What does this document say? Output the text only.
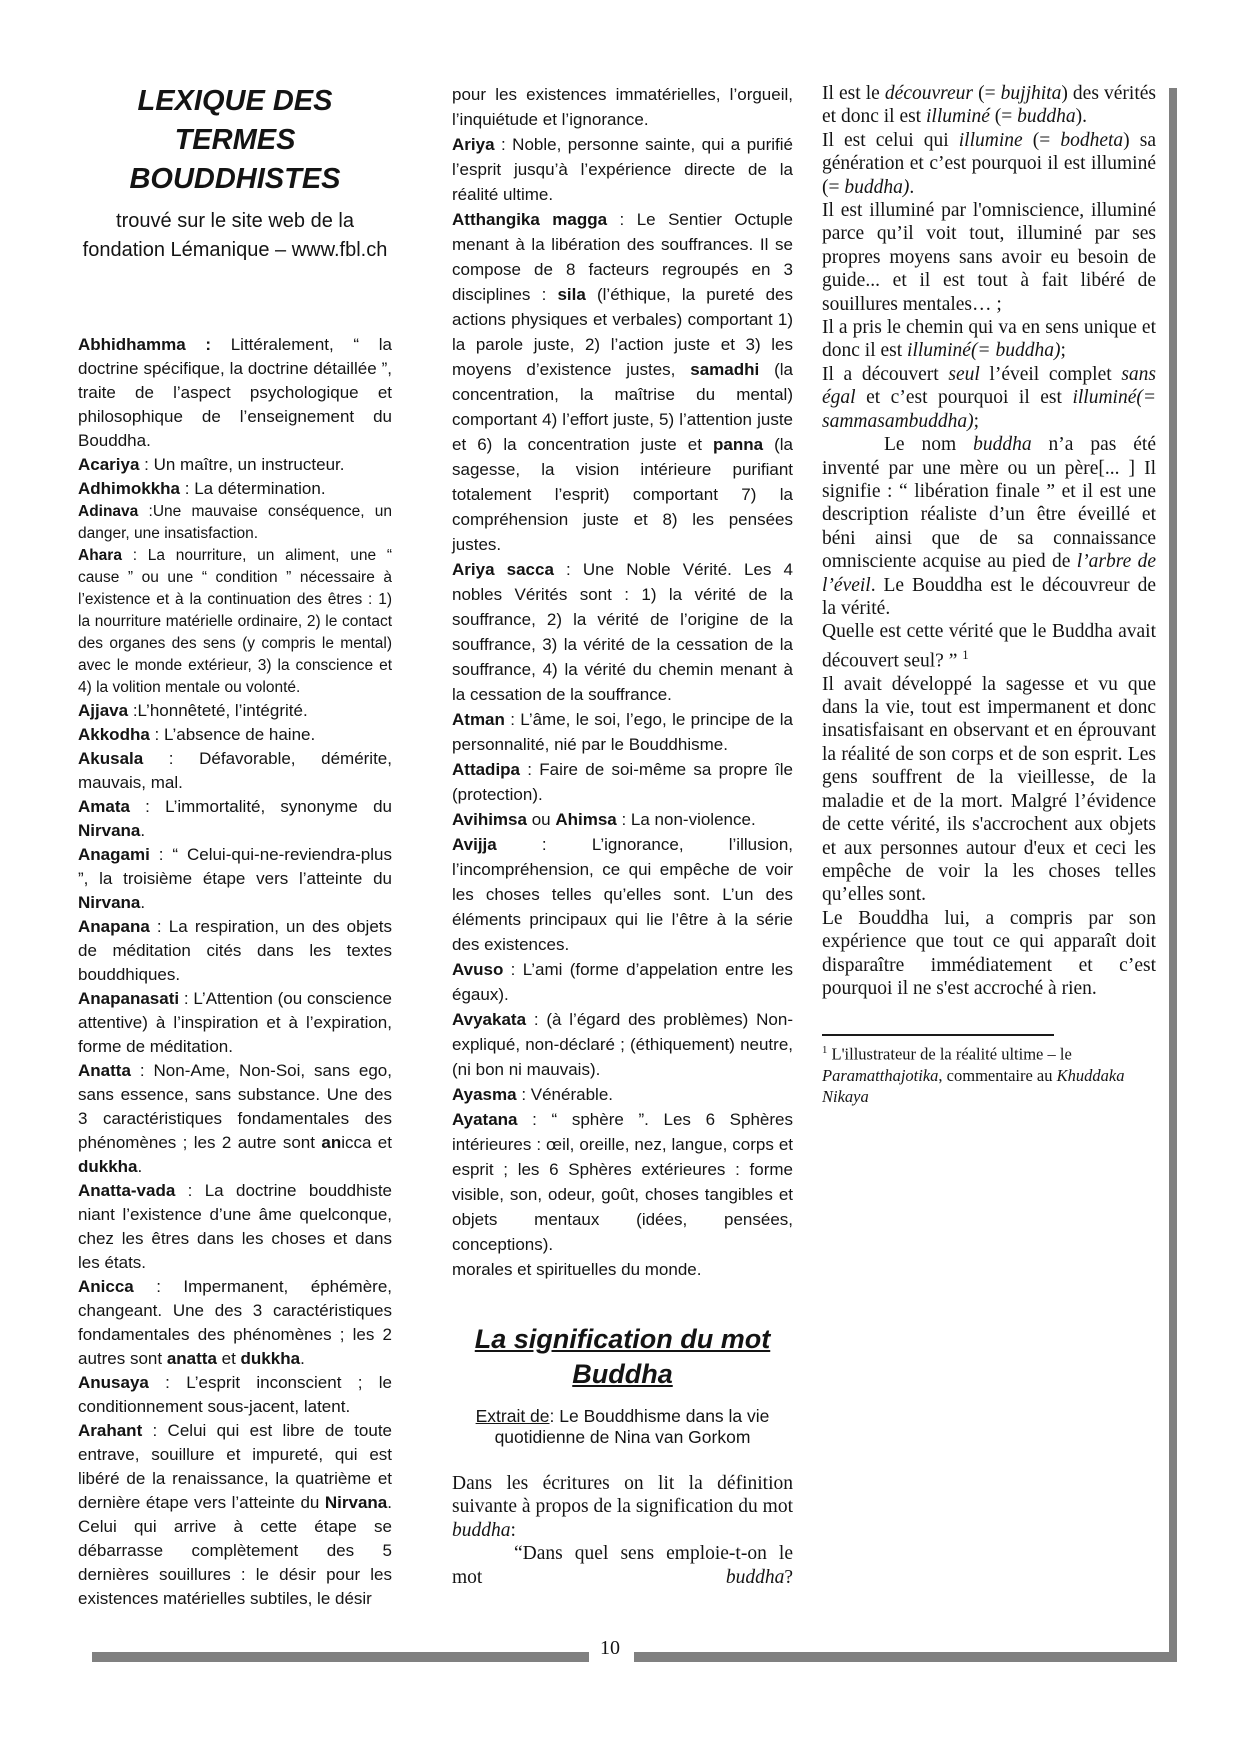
LEXIQUE DES TERMES BOUDDHISTES
trouvé sur le site web de la fondation Lémanique – www.fbl.ch

Abhidhamma : Littéralement, “ la doctrine spécifique, la doctrine détaillée ”, traite de l’aspect psychologique et philosophique de l’enseignement du Bouddha.

Acariya : Un maître, un instructeur.

Adhimokkha : La détermination.

Adinava :Une mauvaise conséquence, un danger, une insatisfaction.

Ahara : La nourriture, un aliment, une “ cause ” ou une “ condition ” nécessaire à l’existence et à la continuation des êtres : 1) la nourriture matérielle ordinaire, 2) le contact des organes des sens (y compris le mental) avec le monde extérieur, 3) la conscience et 4) la volition mentale ou volonté.

Ajjava :L’honnêteté, l’intégrité.

Akkodha : L’absence de haine.

Akusala : Défavorable, démérite, mauvais, mal.

Amata : L’immortalité, synonyme du Nirvana.

Anagami : “ Celui-qui-ne-reviendra-plus ”, la troisième étape vers l’atteinte du Nirvana.

Anapana : La respiration, un des objets de méditation cités dans les textes bouddhiques.

Anapanasati : L’Attention (ou conscience attentive) à l’inspiration et à l’expiration, forme de méditation.

Anatta : Non-Ame, Non-Soi, sans ego, sans essence, sans substance. Une des 3 caractéristiques fondamentales des phénomènes ; les 2 autre sont anicca et dukkha.

Anatta-vada : La doctrine bouddhiste niant l’existence d’une âme quelconque, chez les êtres dans les choses et dans les états.

Anicca : Impermanent, éphémère, changeant. Une des 3 caractéristiques fondamentales des phénomènes ; les 2 autres sont anatta et dukkha.

Anusaya : L’esprit inconscient ; le conditionnement sous-jacent, latent.

Arahant : Celui qui est libre de toute entrave, souillure et impureté, qui est libéré de la renaissance, la quatrième et dernière étape vers l’atteinte du Nirvana. Celui qui arrive à cette étape se débarrasse complètement des 5 dernières souillures : le désir pour les existences matérielles subtiles, le désir

pour les existences immatérielles, l’orgueil, l’inquiétude et l’ignorance.

Ariya : Noble, personne sainte, qui a purifié l’esprit jusqu’à l’expérience directe de la réalité ultime.

Atthangika magga : Le Sentier Octuple menant à la libération des souffrances. Il se compose de 8 facteurs regroupés en 3 disciplines : sila (l’éthique, la pureté des actions physiques et verbales) comportant 1) la parole juste, 2) l’action juste et 3) les moyens d’existence justes, samadhi (la concentration, la maîtrise du mental) comportant 4) l’effort juste, 5) l’attention juste et 6) la concentration juste et panna (la sagesse, la vision intérieure purifiant totalement l’esprit) comportant 7) la compréhension juste et 8) les pensées justes.

Ariya sacca : Une Noble Vérité. Les 4 nobles Vérités sont : 1) la vérité de la souffrance, 2) la vérité de l’origine de la souffrance, 3) la vérité de la cessation de la souffrance, 4) la vérité du chemin menant à la cessation de la souffrance.

Atman : L’âme, le soi, l’ego, le principe de la personnalité, nié par le Bouddhisme.

Attadipa : Faire de soi-même sa propre île (protection).

Avihimsa ou Ahimsa : La non-violence.

Avijja : L’ignorance, l’illusion, l’incompréhension, ce qui empêche de voir les choses telles qu’elles sont. L’un des éléments principaux qui lie l’être à la série des existences.

Avuso : L’ami (forme d’appelation entre les égaux).

Avyakata : (à l’égard des problèmes) Non-expliqué, non-déclaré ; (éthiquement) neutre, (ni bon ni mauvais).

Ayasma : Vénérable.

Ayatana : “ sphère ”. Les 6 Sphères intérieures : œil, oreille, nez, langue, corps et esprit ; les 6 Sphères extérieures : forme visible, son, odeur, goût, choses tangibles et objets mentaux (idées, pensées, conceptions).

morales et spirituelles du monde.

La signification du mot Buddha
Extrait de: Le Bouddhisme dans la vie quotidienne de Nina van Gorkom

Dans les écritures on lit la définition suivante à propos de la signification du mot buddha:

“Dans quel sens emploie-t-on le mot buddha?

Il est le découvreur (= bujjhita) des vérités et donc il est illuminé (= buddha).

Il est celui qui illumine (= bodheta) sa génération et c’est pourquoi il est illuminé (= buddha).

Il est illuminé par l'omniscience, illuminé parce qu’il voit tout, illuminé par ses propres moyens sans avoir eu besoin de guide... et il est tout à fait libéré de souillures mentales… ;

Il a pris le chemin qui va en sens unique et donc il est illuminé(= buddha);

Il a découvert seul l’éveil complet sans égal et c’est pourquoi il est illuminé(= sammasambuddha);

Le nom buddha n’a pas été inventé par une mère ou un père[... ] Il signifie : “ libération finale ” et il est une description réaliste d’un être éveillé et béni ainsi que de sa connaissance omnisciente acquise au pied de l’arbre de l’éveil. Le Bouddha est le découvreur de la vérité.

Quelle est cette vérité que le Buddha avait découvert seul? ” $^1$

Il avait développé la sagesse et vu que dans la vie, tout est impermanent et donc insatisfaisant en observant et en éprouvant la réalité de son corps et de son esprit. Les gens souffrent de la vieillesse, de la maladie et de la mort. Malgré l’évidence de cette vérité, ils s'accrochent aux objets et aux personnes autour d'eux et ceci les empêche de voir la les choses telles qu’elles sont.

Le Bouddha lui, a compris par son expérience que tout ce qui apparaît doit disparaître immédiatement et c’est pourquoi il ne s'est accroché à rien.

$^1$ L'illustrateur de la réalité ultime – le Paramatthajotika, commentaire au Khuddaka Nikaya
10
